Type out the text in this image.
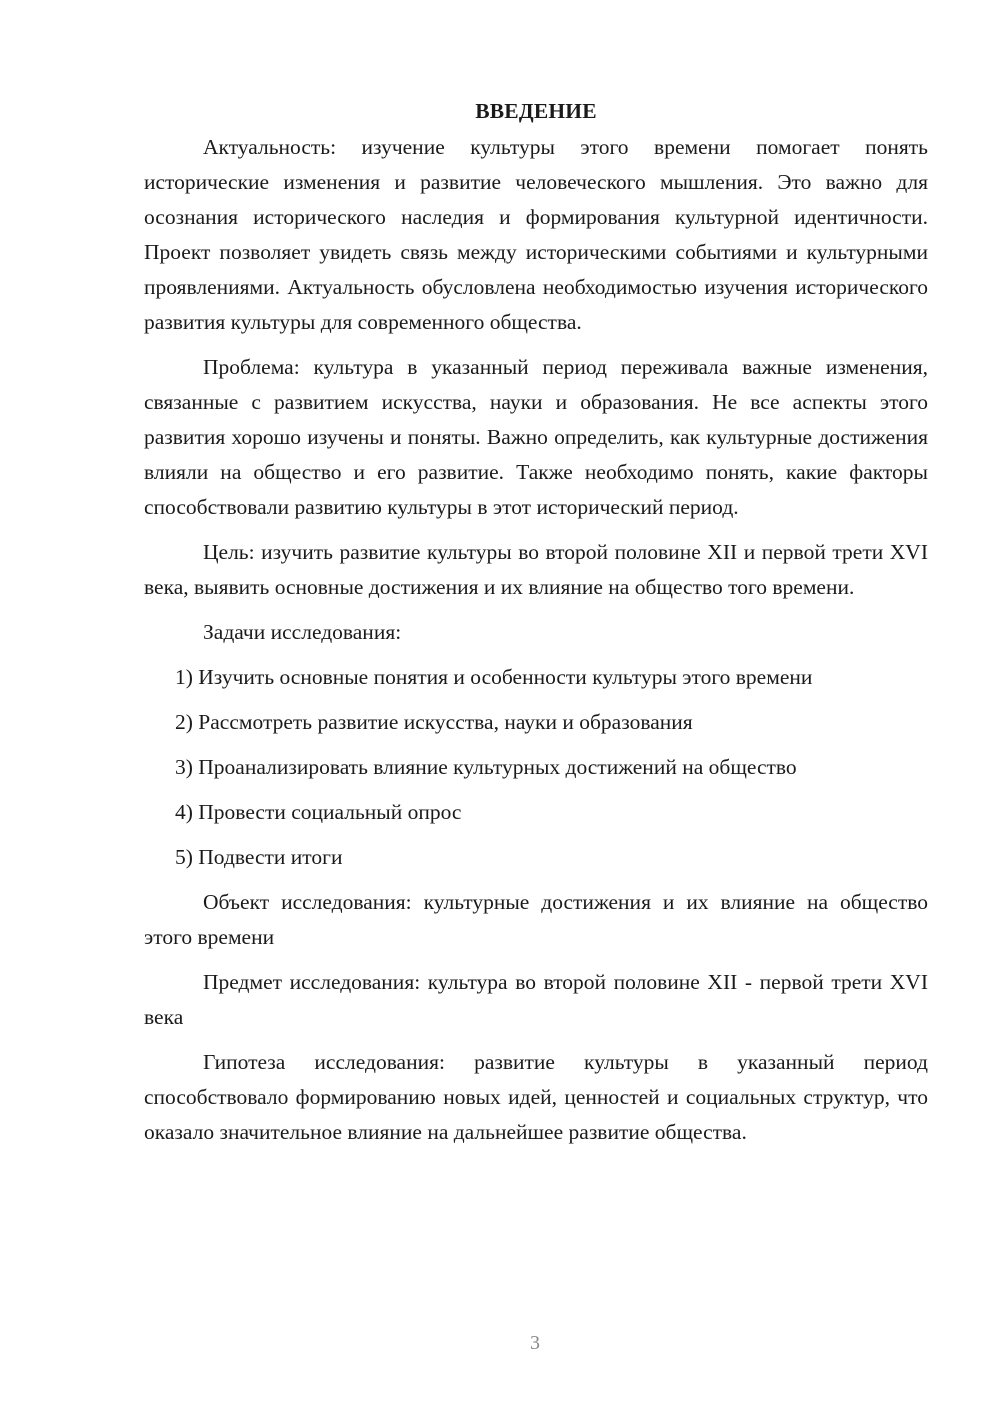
ВВЕДЕНИЕ

Актуальность: изучение культуры этого времени помогает понять исторические изменения и развитие человеческого мышления. Это важно для осознания исторического наследия и формирования культурной идентичности. Проект позволяет увидеть связь между историческими событиями и культурными проявлениями. Актуальность обусловлена необходимостью изучения исторического развития культуры для современного общества.

Проблема: культура в указанный период переживала важные изменения, связанные с развитием искусства, науки и образования. Не все аспекты этого развития хорошо изучены и поняты. Важно определить, как культурные достижения влияли на общество и его развитие. Также необходимо понять, какие факторы способствовали развитию культуры в этот исторический период.

Цель: изучить развитие культуры во второй половине XII и первой трети XVI века, выявить основные достижения и их влияние на общество того времени.

Задачи исследования:

1) Изучить основные понятия и особенности культуры этого времени
2) Рассмотреть развитие искусства, науки и образования
3) Проанализировать влияние культурных достижений на общество
4) Провести социальный опрос
5) Подвести итоги

Объект исследования: культурные достижения и их влияние на общество этого времени

Предмет исследования: культура во второй половине XII - первой трети XVI века

Гипотеза исследования: развитие культуры в указанный период способствовало формированию новых идей, ценностей и социальных структур, что оказало значительное влияние на дальнейшее развитие общества.

3
